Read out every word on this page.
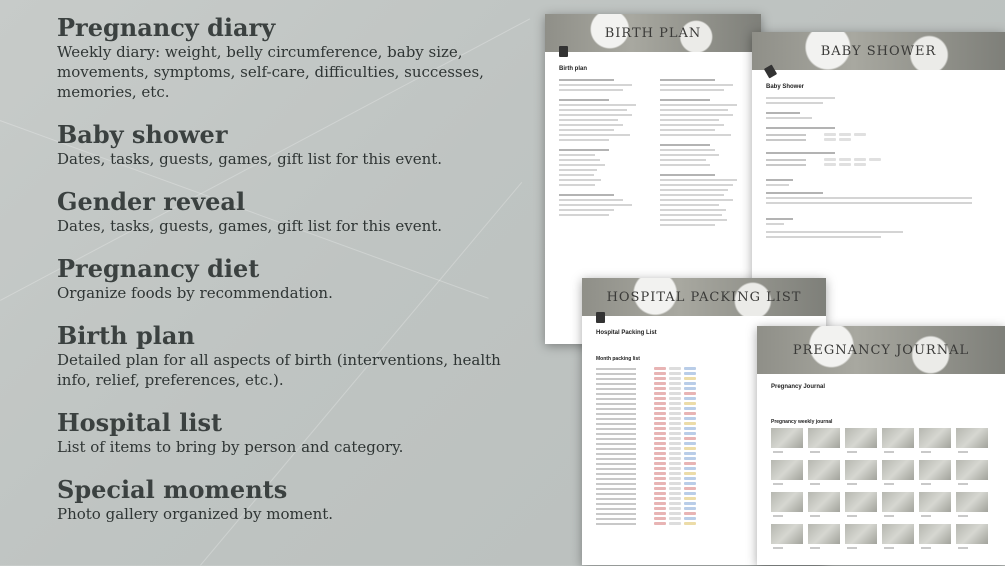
Pregnancy diary

Weekly diary: weight, belly circumference, baby size, movements, symptoms, self-care, difficulties, successes, memories, etc.

Baby shower

Dates, tasks, guests, games, gift list for this event.

Gender reveal

Dates, tasks, guests, games, gift list for this event.

Pregnancy diet

Organize foods by recommendation.

Birth plan

Detailed plan for all aspects of birth (interventions, health info, relief, preferences, etc.).

Hospital list

List of items to bring by person and category.

Special moments

Photo gallery organized by moment.

BIRTH PLAN
Birth plan
BABY SHOWER
Baby Shower
HOSPITAL PACKING LIST
Hospital Packing List
Month packing list
PREGNANCY JOURNAL
Pregnancy Journal
Pregnancy weekly journal
